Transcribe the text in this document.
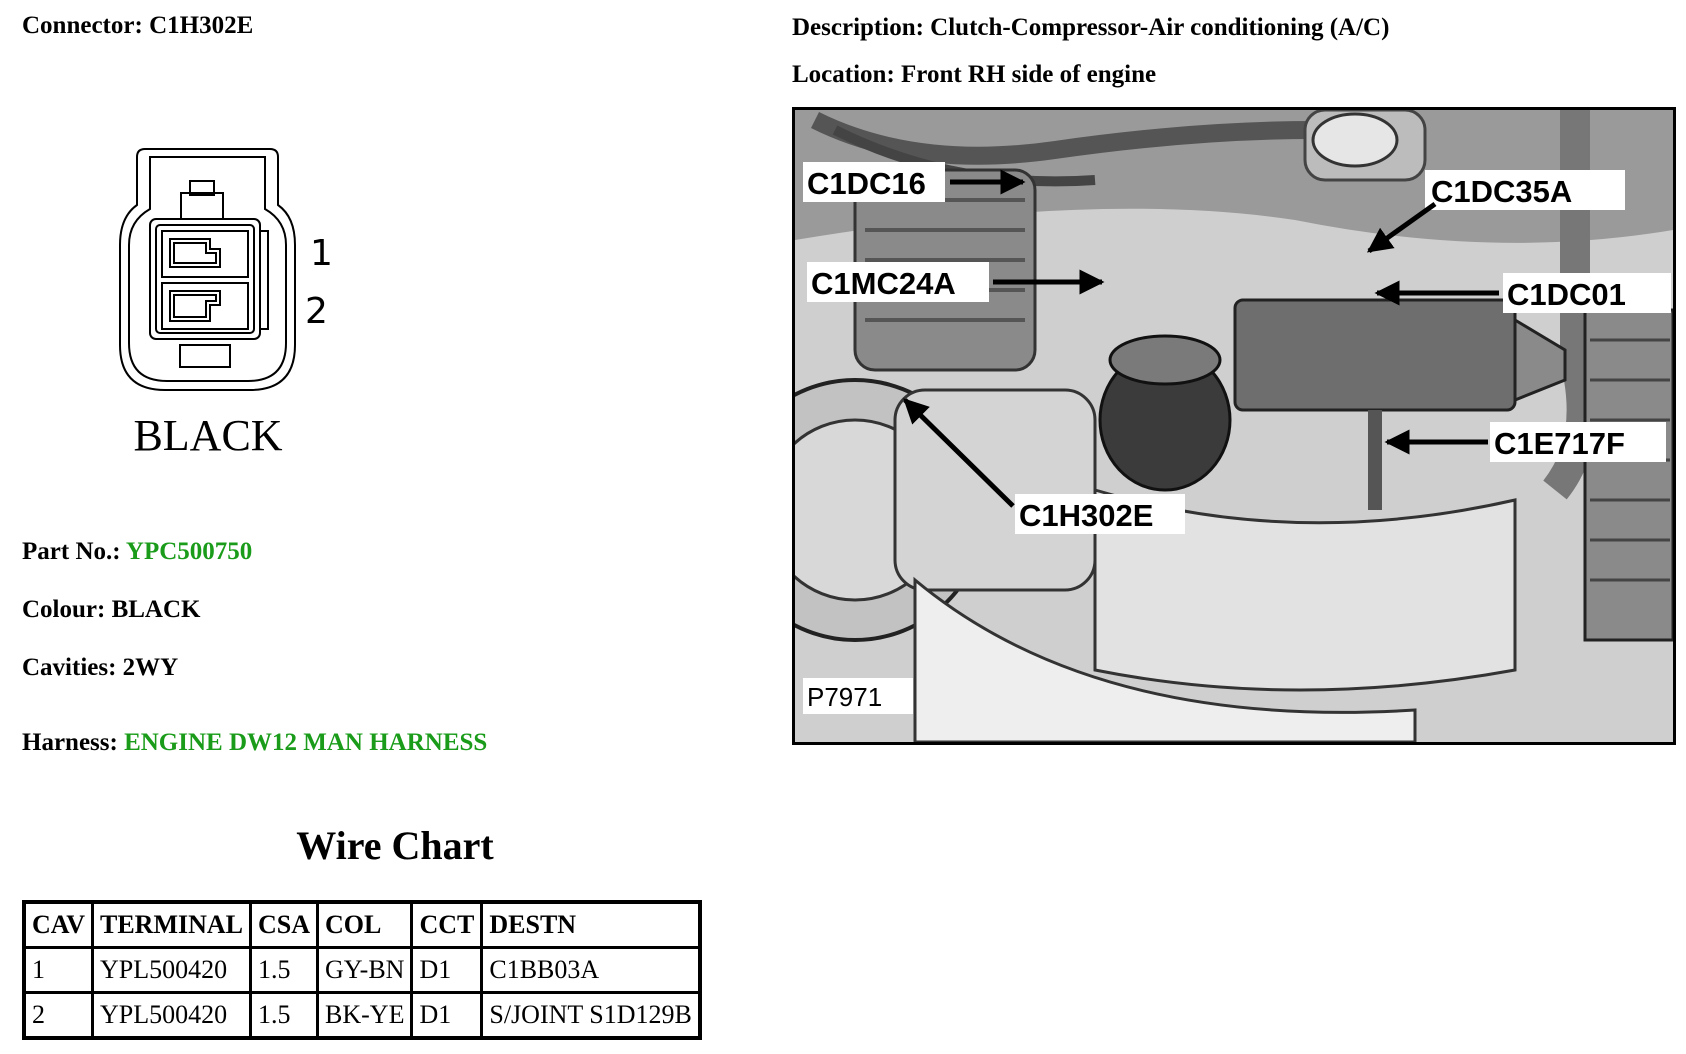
Connector: C1H302E	Description: Clutch-Compressor-Air conditioning (A/C)
Location: Front RH side of engine
1
2
BLACK
Part No.: YPC500750
Colour: BLACK
Cavities: 2WY
Harness: ENGINE DW12 MAN HARNESS
Wire Chart
CAV	TERMINAL	CSA	COL	CCT	DESTN
1	YPL500420	1.5	GY-BN	D1	C1BB03A
2	YPL500420	1.5	BK-YE	D1	S/JOINT S1D129B
C1DC16	C1DC35A
C1MC24A	C1DC01
C1E717F
C1H302E
P7971
